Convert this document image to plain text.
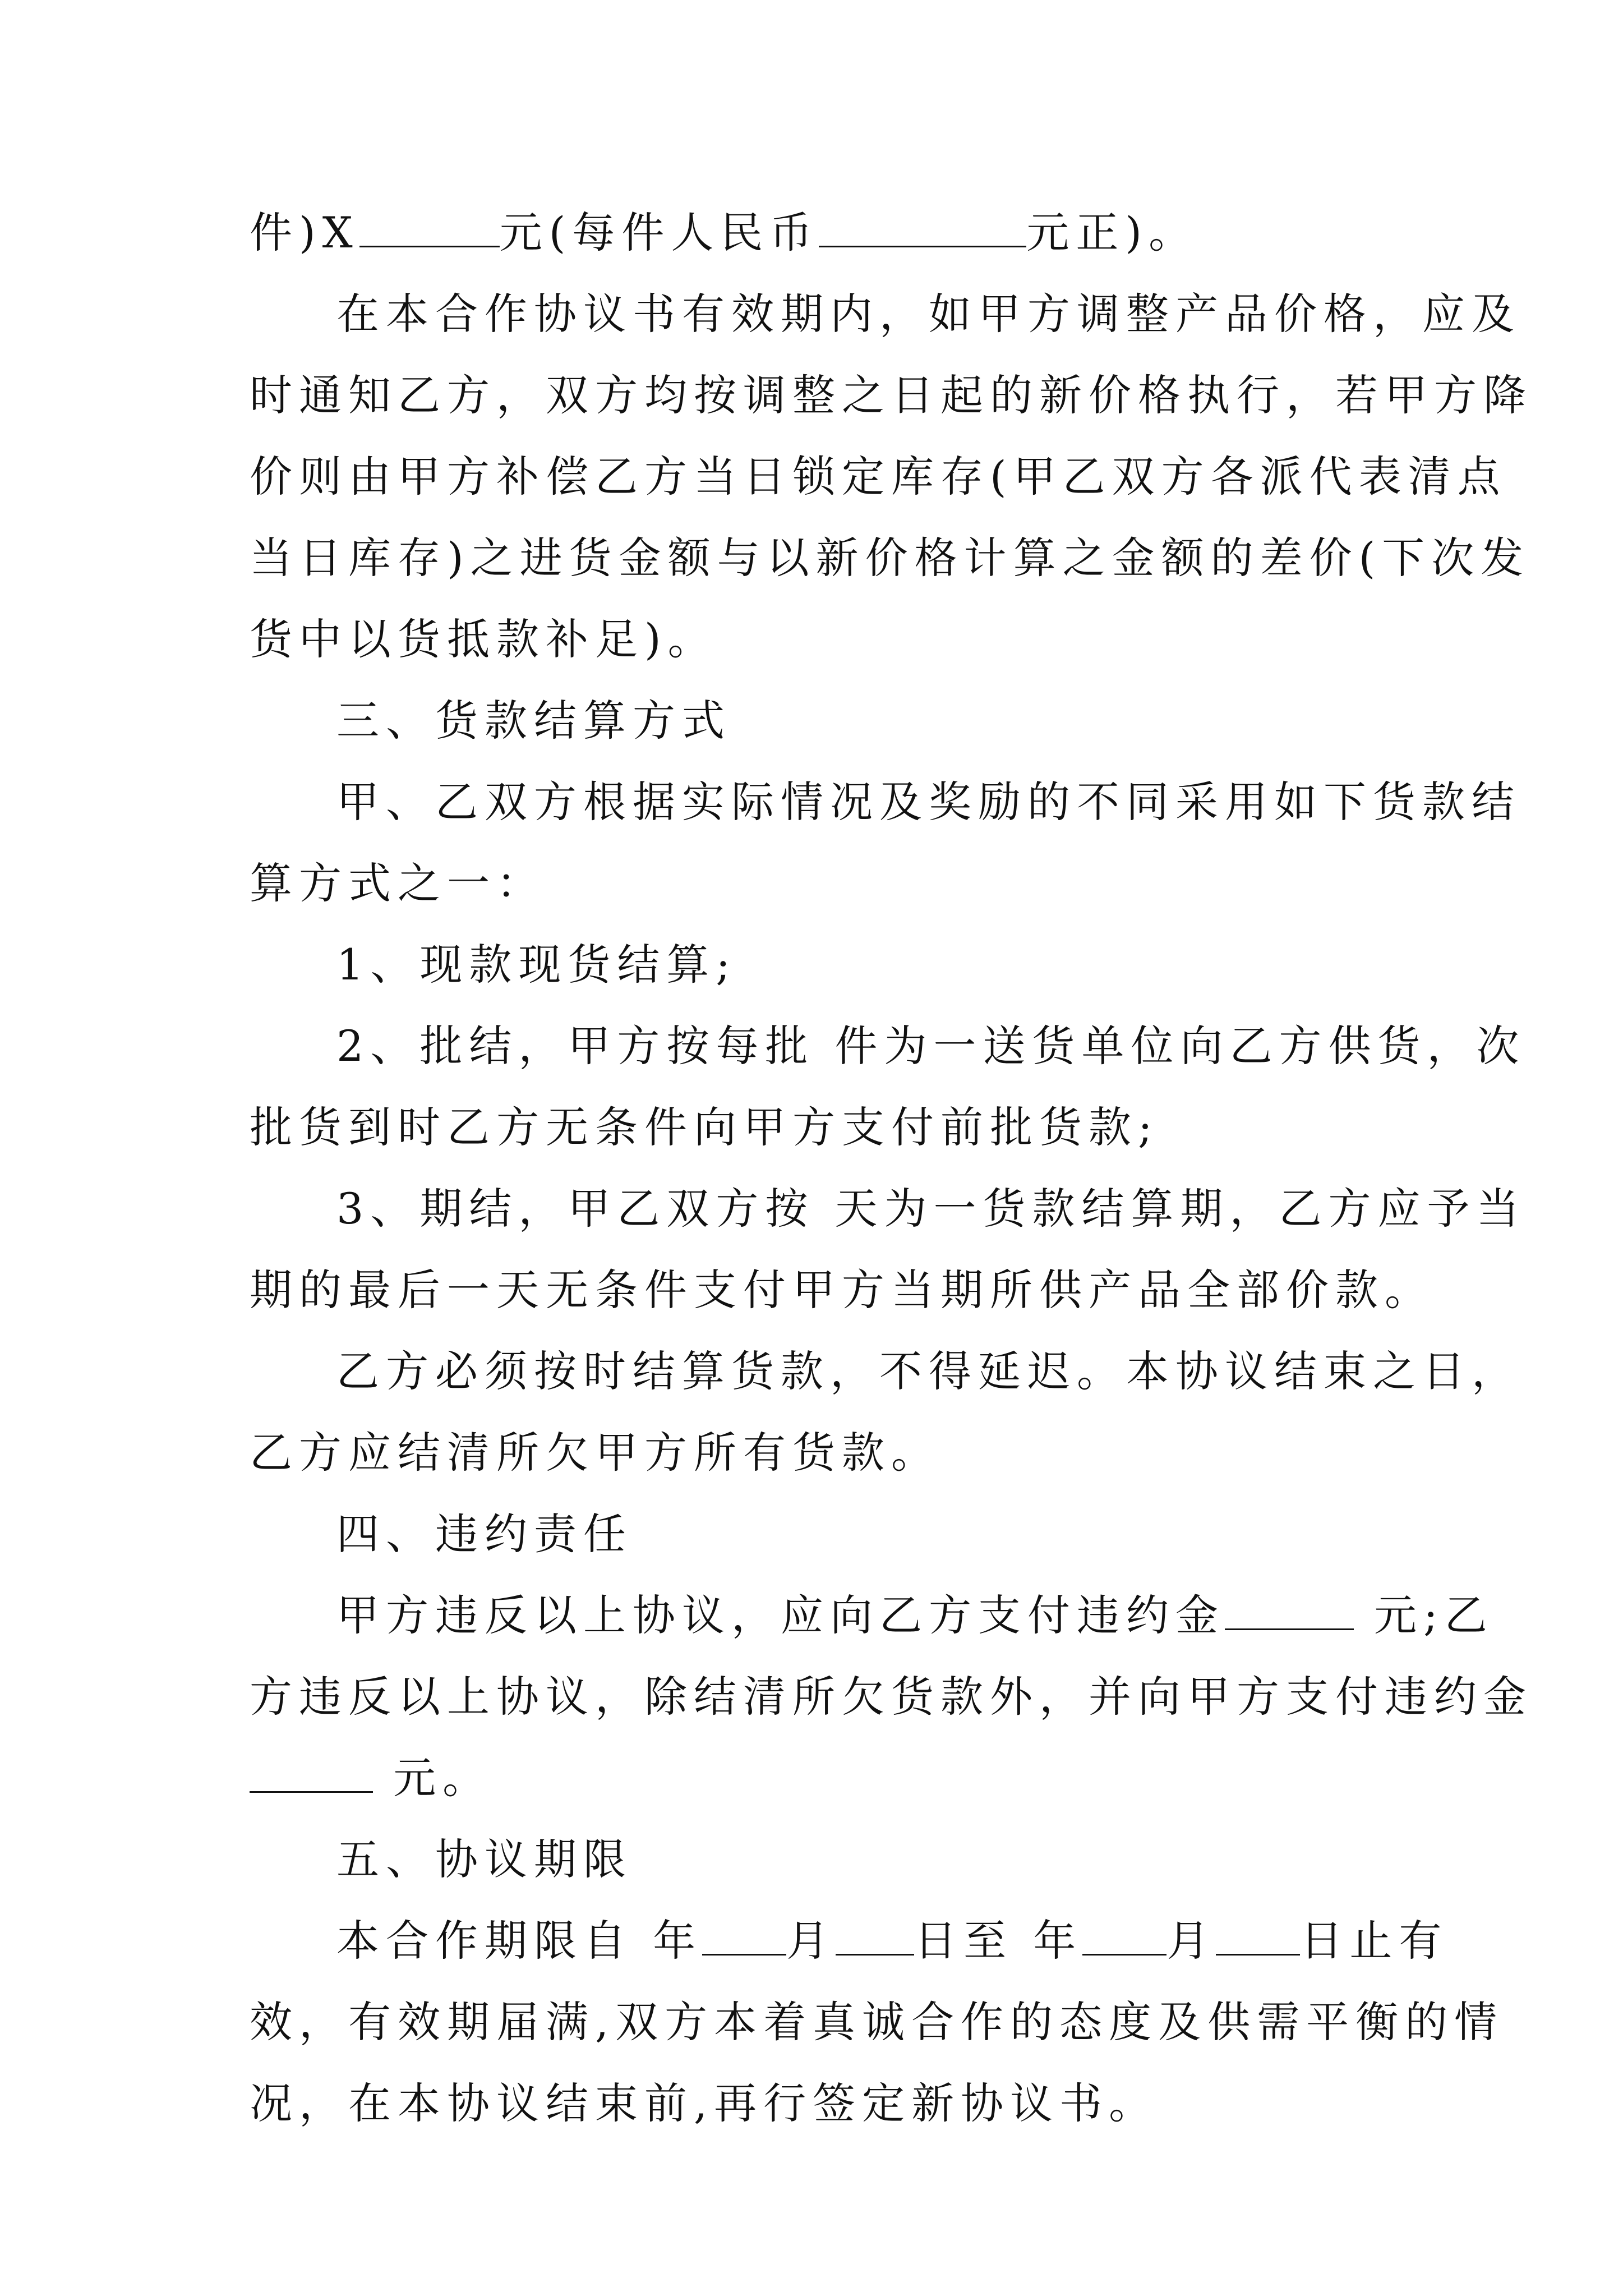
件)X	元(每件人民币	元正)。
在本合作协议书有效期内，如甲方调整产品价格，应及
时通知乙方，双方均按调整之日起的新价格执行，若甲方降
价则由甲方补偿乙方当日锁定库存(甲乙双方各派代表清点
当日库存)之进货金额与以新价格计算之金额的差价(下次发
货中以货抵款补足)。
三、货款结算方式
甲、乙双方根据实际情况及奖励的不同采用如下货款结
算方式之一：
1、现款现货结算;
2、批结，甲方按每批 件为一送货单位向乙方供货，次
批货到时乙方无条件向甲方支付前批货款;
3、期结，甲乙双方按 天为一货款结算期，乙方应予当
期的最后一天无条件支付甲方当期所供产品全部价款。
乙方必须按时结算货款，不得延迟。本协议结束之日，
乙方应结清所欠甲方所有货款。
四、违约责任
甲方违反以上协议，应向乙方支付违约金	元;乙
方违反以上协议，除结清所欠货款外，并向甲方支付违约金
元。
五、协议期限
本合作期限自 年 月 日至 年 月 日止有
效，有效期届满,双方本着真诚合作的态度及供需平衡的情
况，在本协议结束前,再行签定新协议书。
